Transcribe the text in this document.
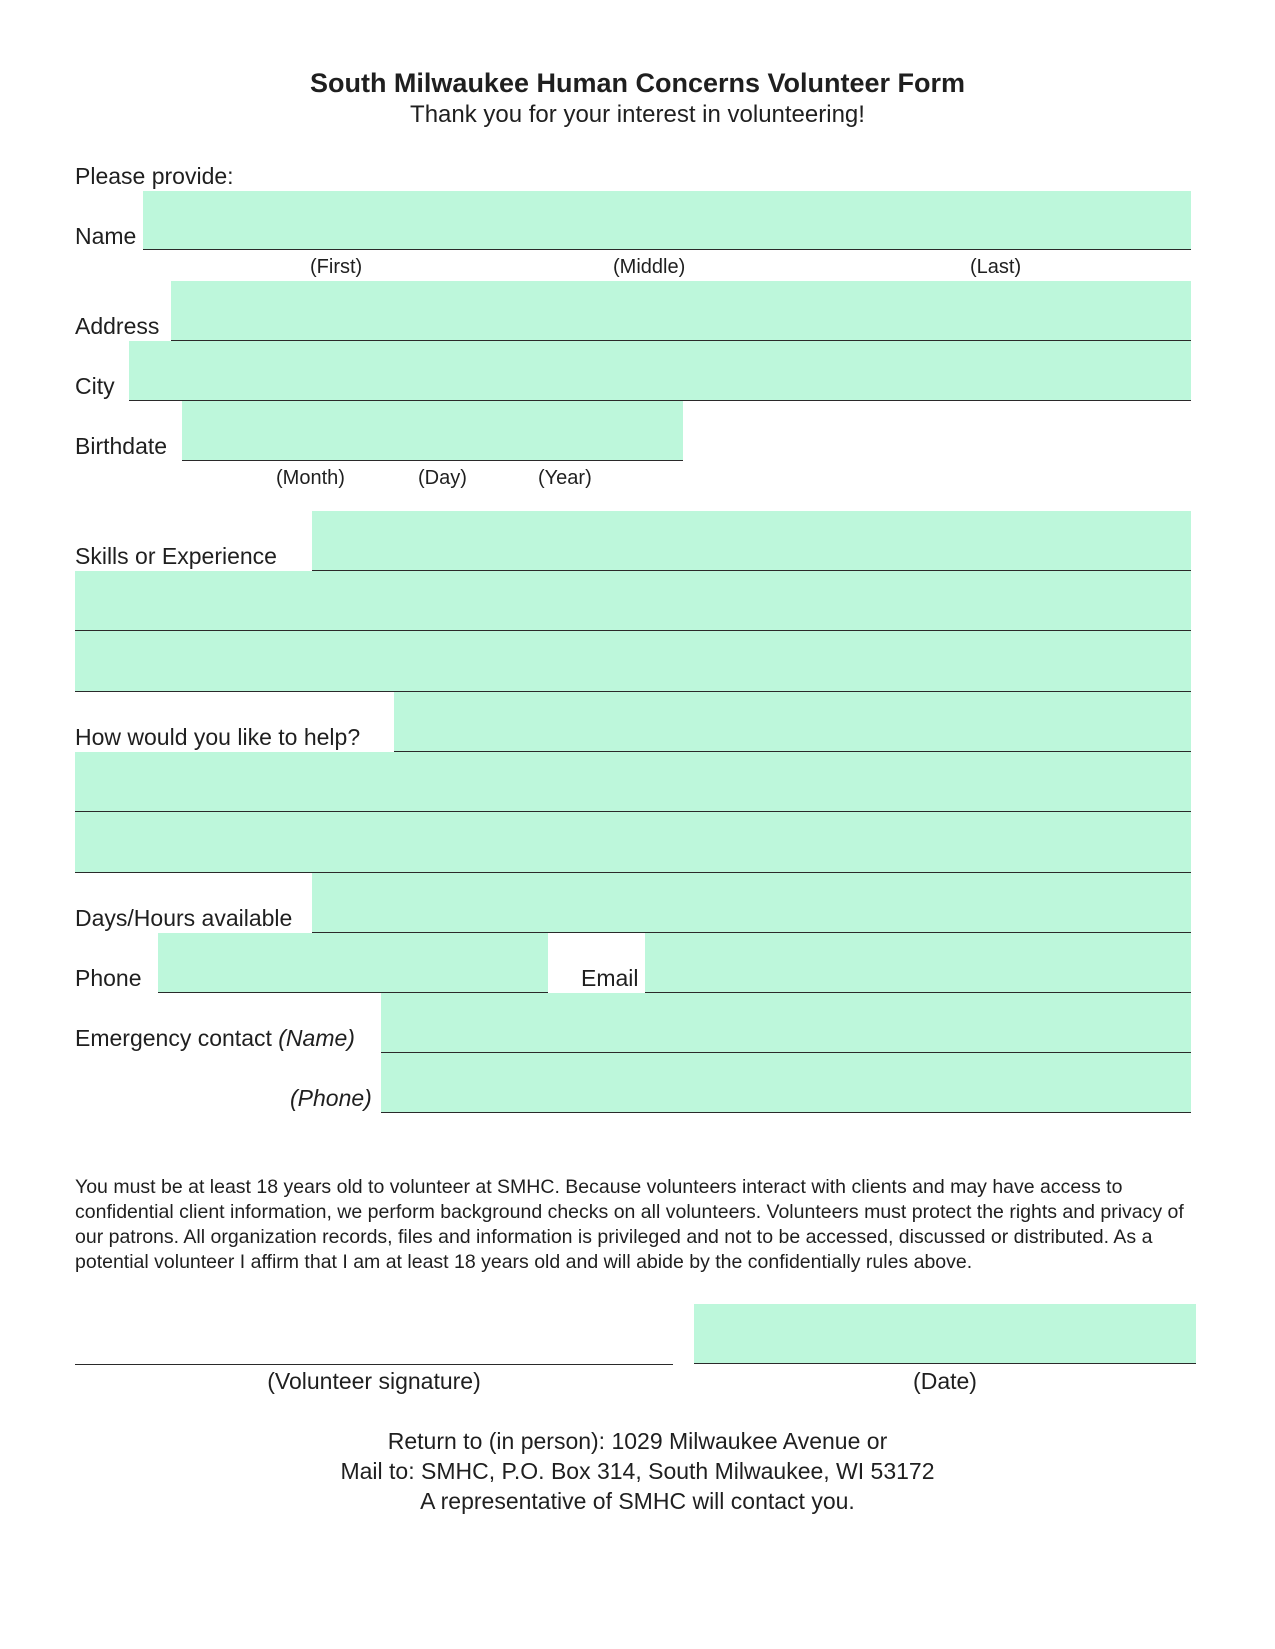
South Milwaukee Human Concerns Volunteer Form
Thank you for your interest in volunteering!
Please provide:
Name
(First)	(Middle)	(Last)
Address
City
Birthdate
(Month)	(Day)	(Year)
Skills or Experience
How would you like to help?
Days/Hours available
Phone	Email
Emergency contact (Name)
(Phone)
You must be at least 18 years old to volunteer at SMHC. Because volunteers interact with clients and may have access to confidential client information, we perform background checks on all volunteers. Volunteers must protect the rights and privacy of our patrons. All organization records, files and information is privileged and not to be accessed, discussed or distributed. As a potential volunteer I affirm that I am at least 18 years old and will abide by the confidentially rules above.
(Volunteer signature)	(Date)
Return to (in person): 1029 Milwaukee Avenue or
Mail to: SMHC, P.O. Box 314, South Milwaukee, WI 53172
A representative of SMHC will contact you.
